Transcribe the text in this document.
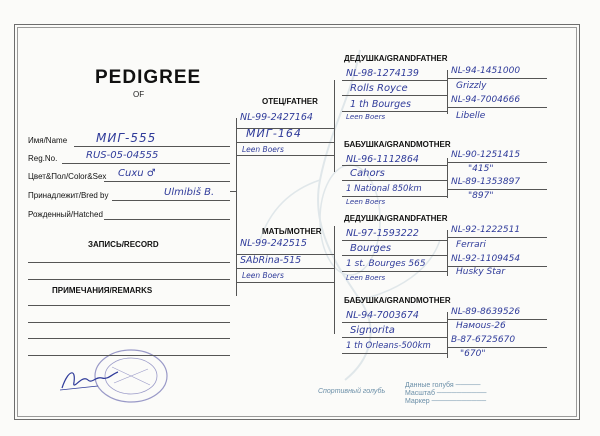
Спортивный голубь
Данные голубя ─────
Масштаб ──────────
Маркер ───────────
PEDIGREE
OF
Имя/Name МИГ-555
Reg.No.	RUS-05-04555
Цвет&Пол/Color&Sex Cuxu ♂
Принадлежит/Bred by	Ulmibiš B.
Рожденный/Hatched
ЗАПИСЬ/RECORD
ПРИМЕЧАНИЯ/REMARKS
ОТЕЦ/FATHER
NL-99-2427164
МИГ-164
Leen Boers
МАТЬ/MOTHER
NL-99-242515
SAbRina-515
Leen Boers
ДЕДУШКА/GRANDFATHER
NL-98-1274139
Rolls Royce
1 th Bourges
Leen Boers
БАБУШКА/GRANDMOTHER
NL-96-1112864
Cahors
1 National 850km
Leen Boers
ДЕДУШКА/GRANDFATHER
NL-97-1593222
Bourges
1 st. Bourges 565
Leen Boers
БАБУШКА/GRANDMOTHER
NL-94-7003674
Signorita
1 th Orleans-500km
NL-94-1451000
Grizzly
NL-94-7004666
Libelle
NL-90-1251415
"415"
NL-89-1353897
"897"
NL-92-1222511
Ferrari
NL-92-1109454
Husky Star
NL-89-8639526
Haмous-26
B-87-6725670
"670"
